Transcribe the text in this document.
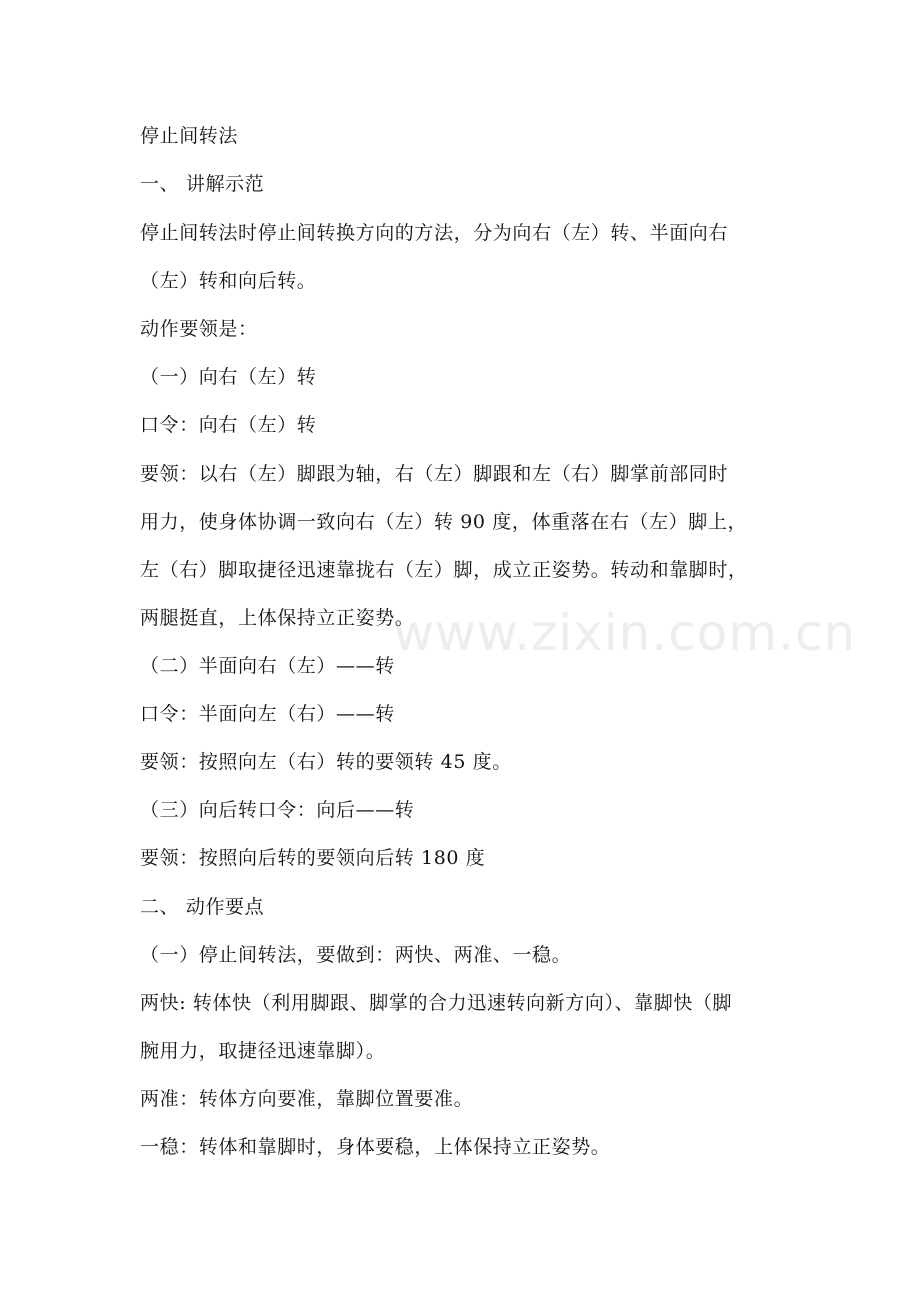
www.zixin.com.cn
停止间转法
一、 讲解示范
停止间转法时停止间转换方向的方法，分为向右（左）转、半面向右
（左）转和向后转。
动作要领是：
（一）向右（左）转
口令：向右（左）转
要领：以右（左）脚跟为轴，右（左）脚跟和左（右）脚掌前部同时
用力，使身体协调一致向右（左）转 90 度，体重落在右（左）脚上，
左（右）脚取捷径迅速靠拢右（左）脚，成立正姿势。转动和靠脚时，
两腿挺直，上体保持立正姿势。
（二）半面向右（左）——转
口令：半面向左（右）——转
要领：按照向左（右）转的要领转 45 度。
（三）向后转口令：向后——转
要领：按照向后转的要领向后转 180 度
二、 动作要点
（一）停止间转法，要做到：两快、两准、一稳。
两快: 转体快（利用脚跟、脚掌的合力迅速转向新方向）、靠脚快（脚
腕用力，取捷径迅速靠脚）。
两准：转体方向要准，靠脚位置要准。
一稳：转体和靠脚时，身体要稳，上体保持立正姿势。
